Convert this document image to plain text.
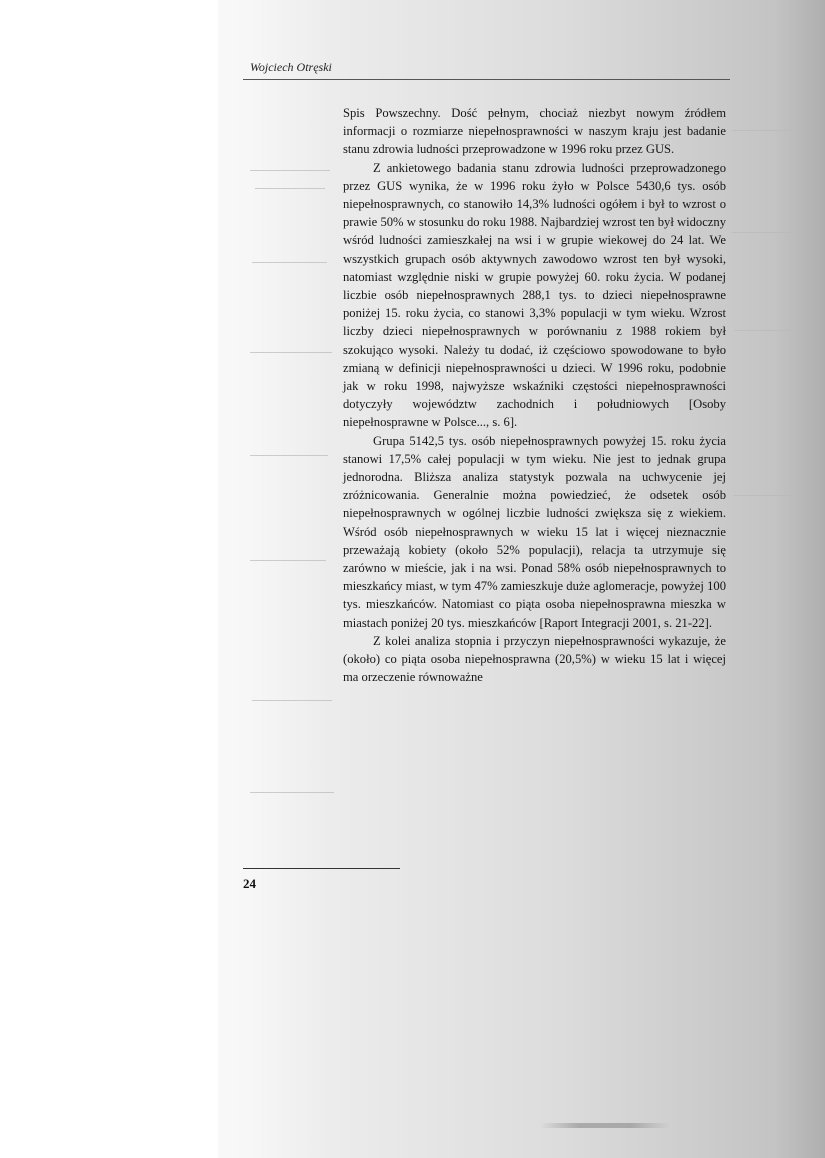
Wojciech Otręski

Spis Powszechny. Dość pełnym, chociaż niezbyt nowym źródłem informacji o rozmiarze niepełnosprawności w naszym kraju jest badanie stanu zdrowia ludności przeprowadzone w 1996 roku przez GUS.

Z ankietowego badania stanu zdrowia ludności przeprowadzonego przez GUS wynika, że w 1996 roku żyło w Polsce 5430,6 tys. osób niepełnosprawnych, co stanowiło 14,3% ludności ogółem i był to wzrost o prawie 50% w stosunku do roku 1988. Najbardziej wzrost ten był widoczny wśród ludności zamieszkałej na wsi i w grupie wiekowej do 24 lat. We wszystkich grupach osób aktywnych zawodowo wzrost ten był wysoki, natomiast względnie niski w grupie powyżej 60. roku życia. W podanej liczbie osób niepełnosprawnych 288,1 tys. to dzieci niepełnosprawne poniżej 15. roku życia, co stanowi 3,3% populacji w tym wieku. Wzrost liczby dzieci niepełnosprawnych w porównaniu z 1988 rokiem był szokująco wysoki. Należy tu dodać, iż częściowo spowodowane to było zmianą w definicji niepełnosprawności u dzieci. W 1996 roku, podobnie jak w roku 1998, najwyższe wskaźniki częstości niepełnosprawności dotyczyły województw zachodnich i południowych [Osoby niepełnosprawne w Polsce..., s. 6].

Grupa 5142,5 tys. osób niepełnosprawnych powyżej 15. roku życia stanowi 17,5% całej populacji w tym wieku. Nie jest to jednak grupa jednorodna. Bliższa analiza statystyk pozwala na uchwycenie jej zróżnicowania. Generalnie można powiedzieć, że odsetek osób niepełnosprawnych w ogólnej liczbie ludności zwiększa się z wiekiem. Wśród osób niepełnosprawnych w wieku 15 lat i więcej nieznacznie przeważają kobiety (około 52% populacji), relacja ta utrzymuje się zarówno w mieście, jak i na wsi. Ponad 58% osób niepełnosprawnych to mieszkańcy miast, w tym 47% zamieszkuje duże aglomeracje, powyżej 100 tys. mieszkańców. Natomiast co piąta osoba niepełnosprawna mieszka w miastach poniżej 20 tys. mieszkańców [Raport Integracji 2001, s. 21-22].

Z kolei analiza stopnia i przyczyn niepełnosprawności wykazuje, że (około) co piąta osoba niepełnosprawna (20,5%) w wieku 15 lat i więcej ma orzeczenie równoważne

24
